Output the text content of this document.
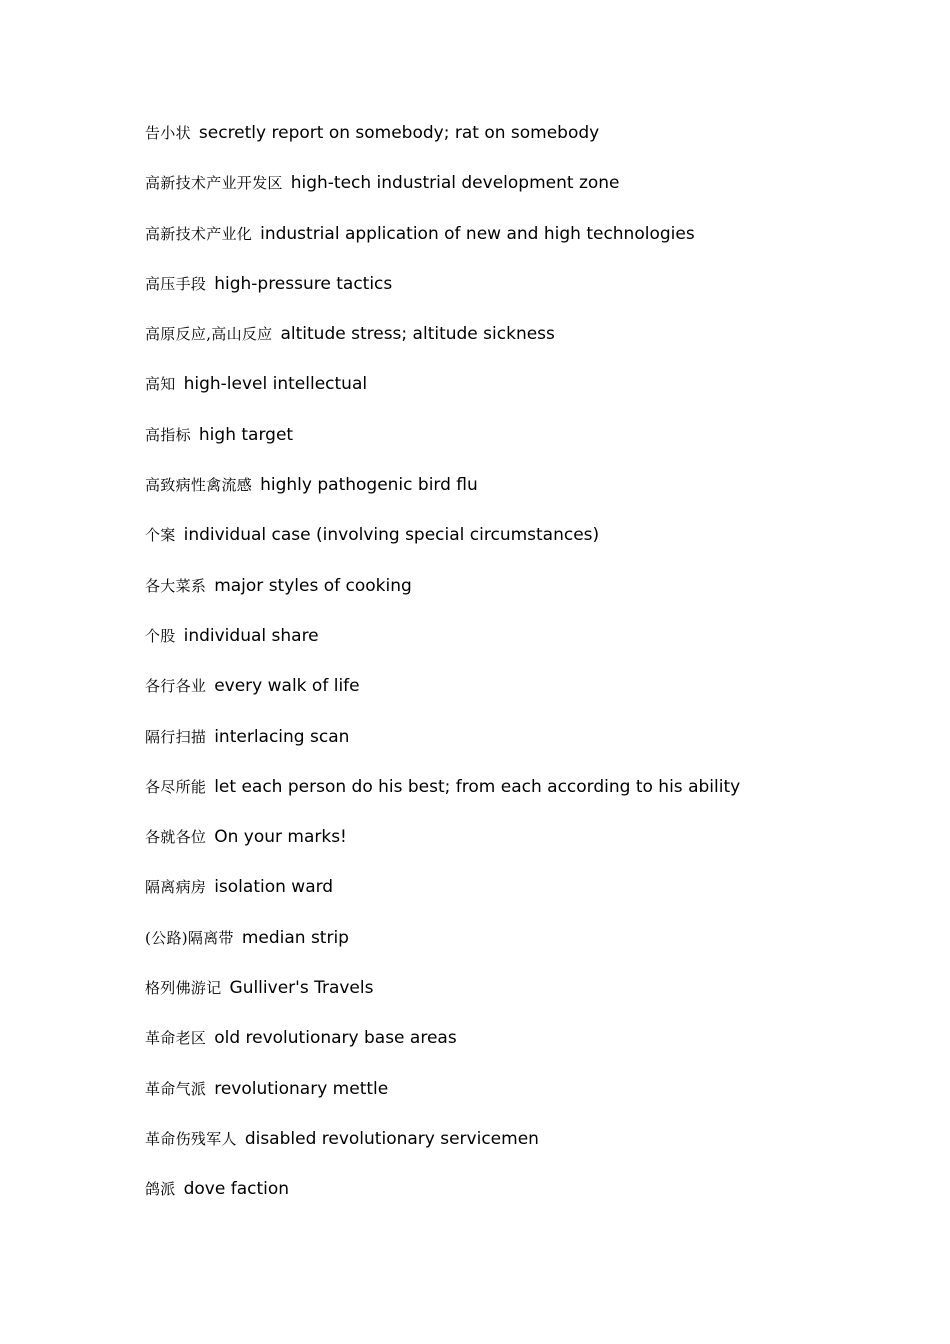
告小状 secretly report on somebody; rat on somebody
高新技术产业开发区 high-tech industrial development zone
高新技术产业化 industrial application of new and high technologies
高压手段 high-pressure tactics
高原反应,高山反应 altitude stress; altitude sickness
高知 high-level intellectual
高指标 high target
高致病性禽流感 highly pathogenic bird flu
个案 individual case (involving special circumstances)
各大菜系 major styles of cooking
个股 individual share
各行各业 every walk of life
隔行扫描 interlacing scan
各尽所能 let each person do his best; from each according to his ability
各就各位 On your marks!
隔离病房 isolation ward
(公路)隔离带 median strip
格列佛游记 Gulliver's Travels
革命老区 old revolutionary base areas
革命气派 revolutionary mettle
革命伤残军人 disabled revolutionary servicemen
鸽派 dove faction
